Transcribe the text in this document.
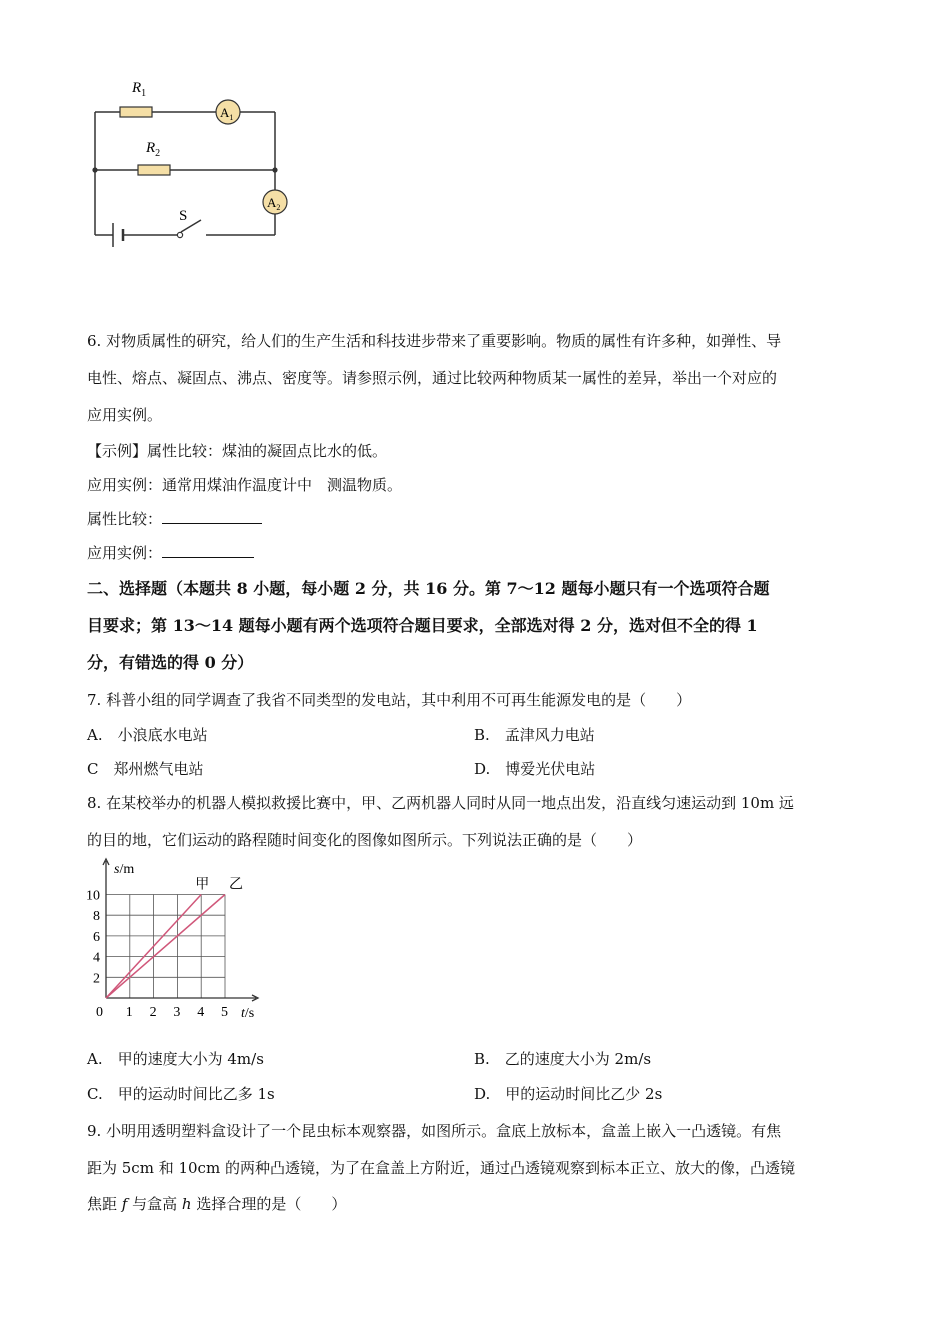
$R_1$
$R_2$
$A_1$
$A_2$
S
6. 对物质属性的研究，给人们的生产生活和科技进步带来了重要影响。物质的属性有许多种，如弹性、导
电性、熔点、凝固点、沸点、密度等。请参照示例，通过比较两种物质某一属性的差异，举出一个对应的
应用实例。
【示例】属性比较：煤油的凝固点比水的低。
应用实例：通常用煤油作温度计中　测温物质。
属性比较：
应用实例：
二、选择题（本题共 8 小题，每小题 2 分，共 16 分。第 7～12 题每小题只有一个选项符合题
目要求；第 13～14 题每小题有两个选项符合题目要求，全部选对得 2 分，选对但不全的得 1
分，有错选的得 0 分）
7. 科普小组的同学调查了我省不同类型的发电站，其中利用不可再生能源发电的是（　　）
A.　小浪底水电站	B.　孟津风力电站
C　郑州燃气电站	D.　博爱光伏电站
8. 在某校举办的机器人模拟救援比赛中，甲、乙两机器人同时从同一地点出发，沿直线匀速运动到 10m 远
的目的地，它们运动的路程随时间变化的图像如图所示。下列说法正确的是（　　）
甲 乙
0 1 2 3 4 5
2
4
6
8
10
s/m
t/s
A.　甲的速度大小为 4m/s	B.　乙的速度大小为 2m/s
C.　甲的运动时间比乙多 1s	D.　甲的运动时间比乙少 2s
9. 小明用透明塑料盒设计了一个昆虫标本观察器，如图所示。盒底上放标本，盒盖上嵌入一凸透镜。有焦
距为 5cm 和 10cm 的两种凸透镜，为了在盒盖上方附近，通过凸透镜观察到标本正立、放大的像，凸透镜
焦距 f 与盒高 h 选择合理的是（　　）
